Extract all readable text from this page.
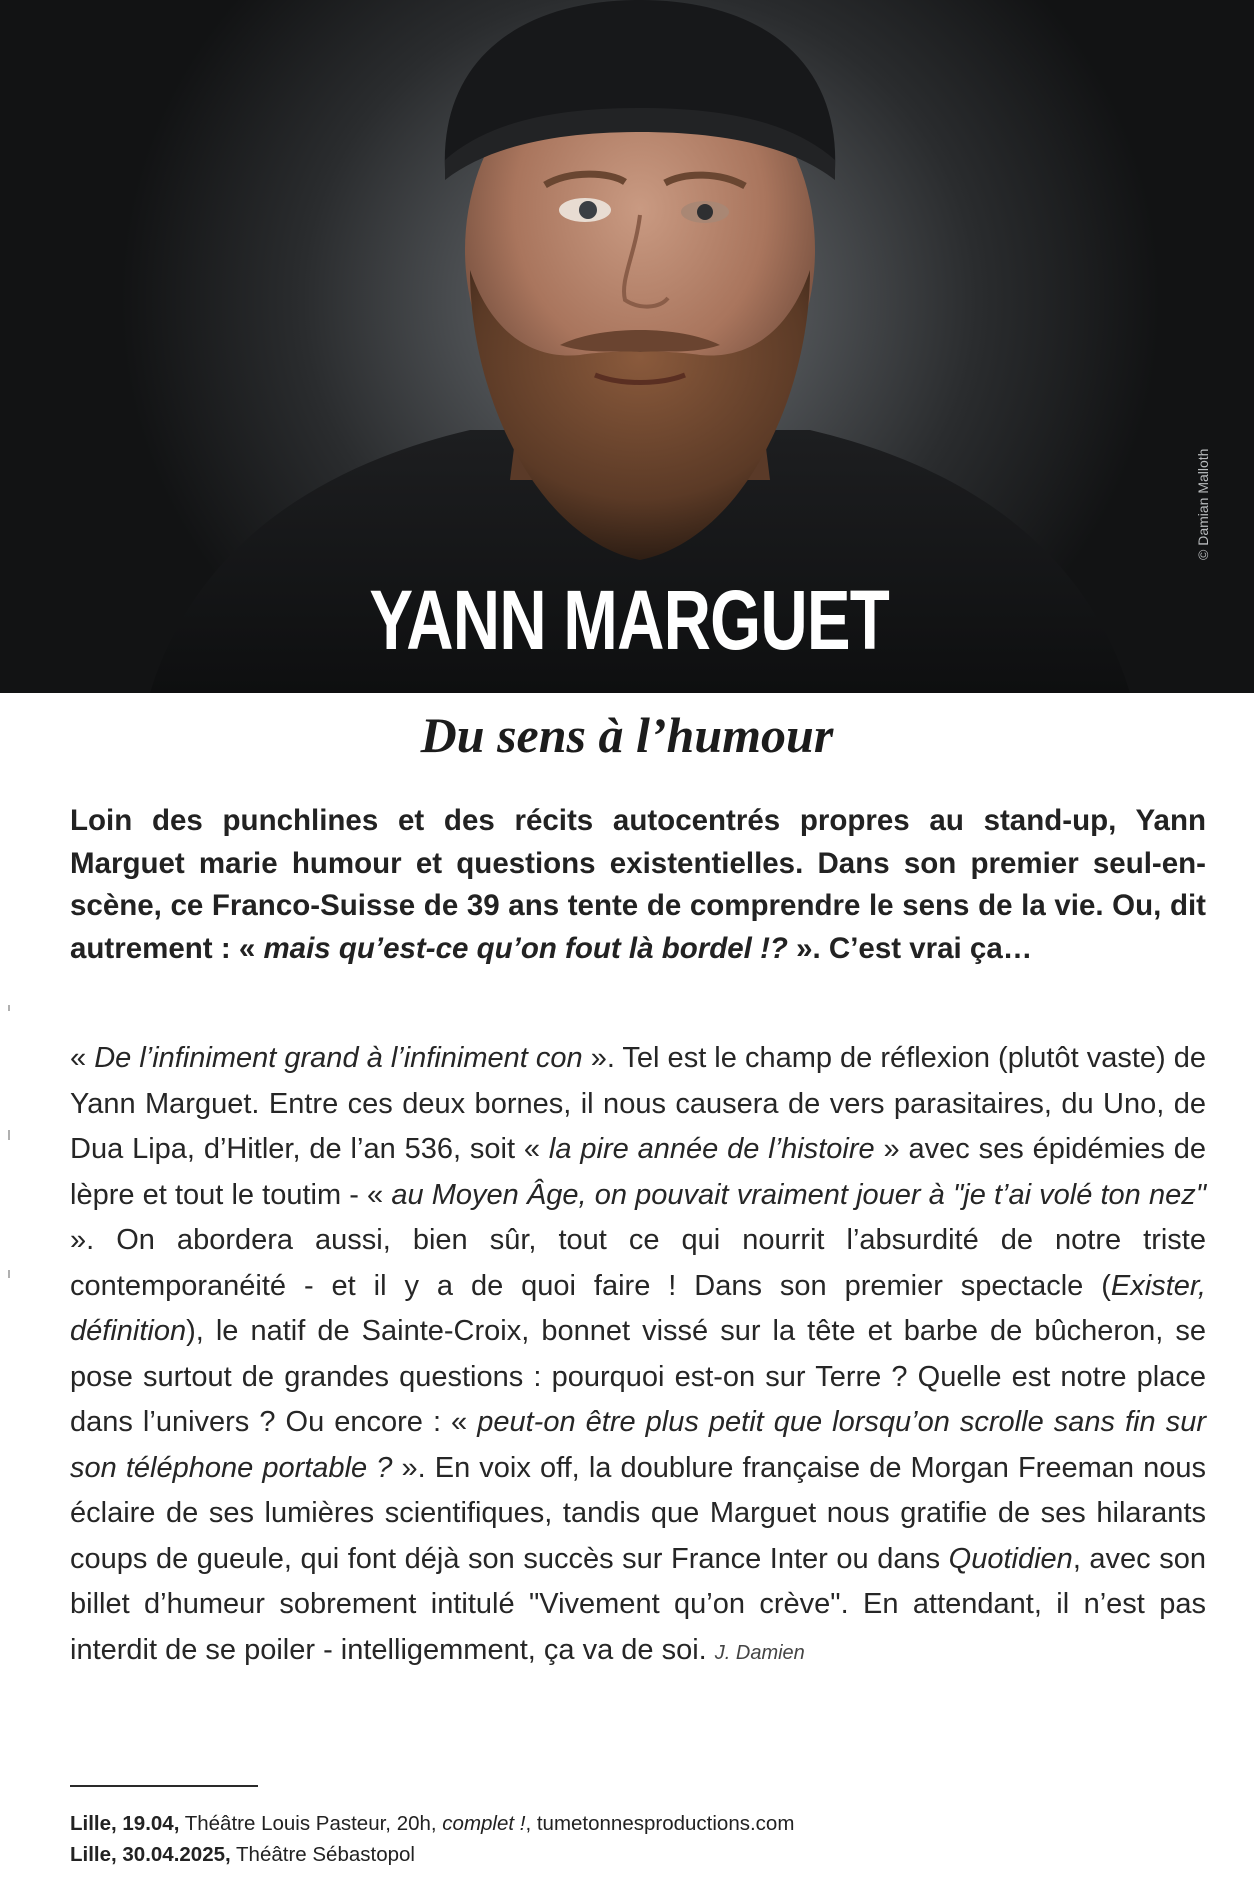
YANN MARGUET
© Damian Malloth
Du sens à l’humour

Loin des punchlines et des récits autocentrés propres au stand-up, Yann Marguet marie humour et questions existentielles. Dans son premier seul-en-scène, ce Franco-Suisse de 39 ans tente de comprendre le sens de la vie. Ou, dit autrement : « mais qu’est-ce qu’on fout là bordel !? ». C’est vrai ça…

« De l’infiniment grand à l’infiniment con ». Tel est le champ de réflexion (plutôt vaste) de Yann Marguet. Entre ces deux bornes, il nous causera de vers parasitaires, du Uno, de Dua Lipa, d’Hitler, de l’an 536, soit « la pire année de l’histoire » avec ses épidémies de lèpre et tout le toutim - « au Moyen Âge, on pouvait vraiment jouer à "je t’ai volé ton nez" ». On abordera aussi, bien sûr, tout ce qui nourrit l’absurdité de notre triste contemporanéité - et il y a de quoi faire ! Dans son premier spectacle (Exister, définition), le natif de Sainte-Croix, bonnet vissé sur la tête et barbe de bûcheron, se pose surtout de grandes questions : pourquoi est-on sur Terre ? Quelle est notre place dans l’univers ? Ou encore : « peut-on être plus petit que lorsqu’on scrolle sans fin sur son téléphone portable ? ». En voix off, la doublure française de Morgan Freeman nous éclaire de ses lumières scientifiques, tandis que Marguet nous gratifie de ses hilarants coups de gueule, qui font déjà son succès sur France Inter ou dans Quotidien, avec son billet d’humeur sobrement intitulé "Vivement qu’on crève". En attendant, il n’est pas interdit de se poiler - intelligemment, ça va de soi. J. Damien

Lille, 19.04, Théâtre Louis Pasteur, 20h, complet !, tumetonnesproductions.com
Lille, 30.04.2025, Théâtre Sébastopol
